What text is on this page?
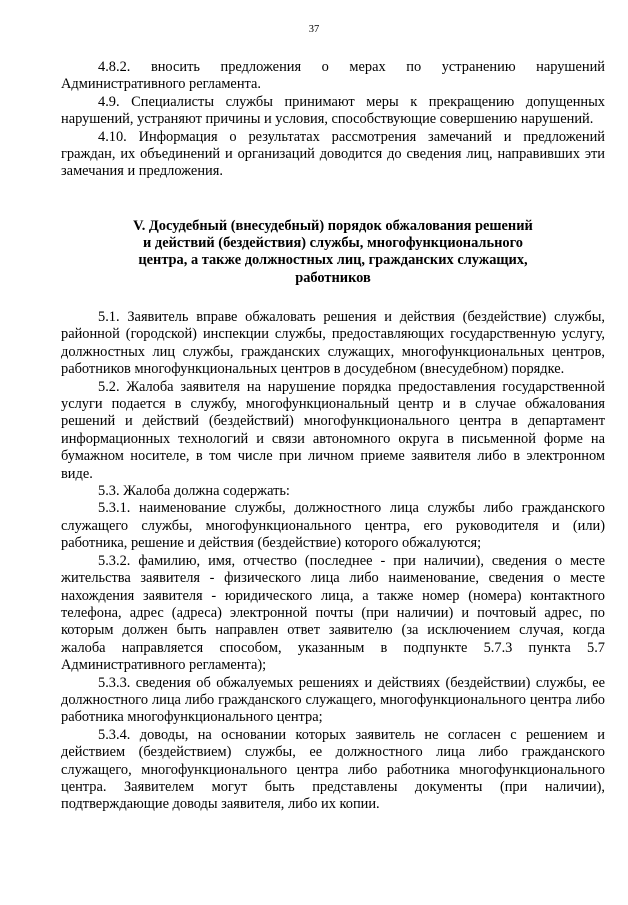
37

4.8.2. вносить предложения о мерах по устранению нарушений Административного регламента.

4.9. Специалисты службы принимают меры к прекращению допущенных нарушений, устраняют причины и условия, способствующие совершению нарушений.

4.10. Информация о результатах рассмотрения замечаний и предложений граждан, их объединений и организаций доводится до сведения лиц, направивших эти замечания и предложения.

V. Досудебный (внесудебный) порядок обжалования решений
и действий (бездействия) службы, многофункционального
центра, а также должностных лиц, гражданских служащих,
работников

5.1. Заявитель вправе обжаловать решения и действия (бездействие) службы, районной (городской) инспекции службы, предоставляющих государственную услугу, должностных лиц службы, гражданских служащих, многофункциональных центров, работников многофункциональных центров в досудебном (внесудебном) порядке.

5.2. Жалоба заявителя на нарушение порядка предоставления государственной услуги подается в службу, многофункциональный центр и в случае обжалования решений и действий (бездействий) многофункционального центра в департамент информационных технологий и связи автономного округа в письменной форме на бумажном носителе, в том числе при личном приеме заявителя либо в электронном виде.

5.3. Жалоба должна содержать:

5.3.1. наименование службы, должностного лица службы либо гражданского служащего службы, многофункционального центра, его руководителя и (или) работника, решение и действия (бездействие) которого обжалуются;

5.3.2. фамилию, имя, отчество (последнее - при наличии), сведения о месте жительства заявителя - физического лица либо наименование, сведения о месте нахождения заявителя - юридического лица, а также номер (номера) контактного телефона, адрес (адреса) электронной почты (при наличии) и почтовый адрес, по которым должен быть направлен ответ заявителю (за исключением случая, когда жалоба направляется способом, указанным в подпункте 5.7.3 пункта 5.7 Административного регламента);

5.3.3. сведения об обжалуемых решениях и действиях (бездействии) службы, ее должностного лица либо гражданского служащего, многофункционального центра либо работника многофункционального центра;

5.3.4. доводы, на основании которых заявитель не согласен с решением и действием (бездействием) службы, ее должностного лица либо гражданского служащего, многофункционального центра либо работника многофункционального центра. Заявителем могут быть представлены документы (при наличии), подтверждающие доводы заявителя, либо их копии.
